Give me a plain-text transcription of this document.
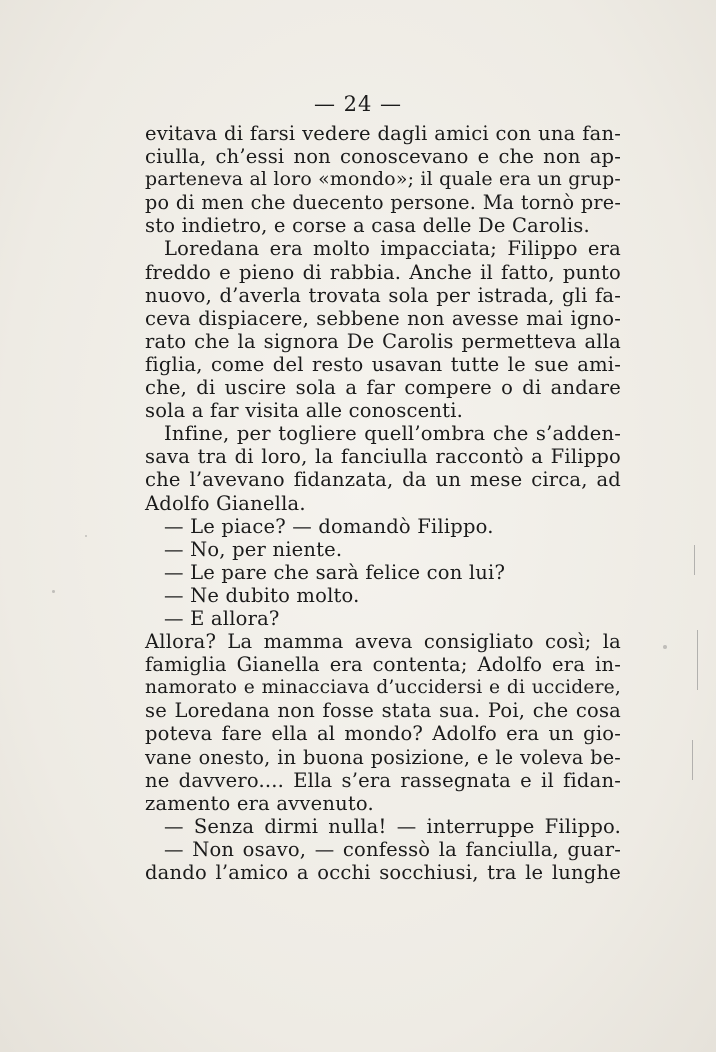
— 24 —
evitava di farsi vedere dagli amici con una fan-
ciulla, ch’essi non conoscevano e che non ap-
parteneva al loro «mondo»; il quale era un grup-
po di men che duecento persone. Ma tornò pre-
sto indietro, e corse a casa delle De Carolis.
Loredana era molto impacciata; Filippo era
freddo e pieno di rabbia. Anche il fatto, punto
nuovo, d’averla trovata sola per istrada, gli fa-
ceva dispiacere, sebbene non avesse mai igno-
rato che la signora De Carolis permetteva alla
figlia, come del resto usavan tutte le sue ami-
che, di uscire sola a far compere o di andare
sola a far visita alle conoscenti.
Infine, per togliere quell’ombra che s’adden-
sava tra di loro, la fanciulla raccontò a Filippo
che l’avevano fidanzata, da un mese circa, ad
Adolfo Gianella.
— Le piace? — domandò Filippo.
— No, per niente.
— Le pare che sarà felice con lui?
— Ne dubito molto.
— E allora?
Allora? La mamma aveva consigliato così; la
famiglia Gianella era contenta; Adolfo era in-
namorato e minacciava d’uccidersi e di uccidere,
se Loredana non fosse stata sua. Poi, che cosa
poteva fare ella al mondo? Adolfo era un gio-
vane onesto, in buona posizione, e le voleva be-
ne davvero.... Ella s’era rassegnata e il fidan-
zamento era avvenuto.
— Senza dirmi nulla! — interruppe Filippo.
— Non osavo, — confessò la fanciulla, guar-
dando l’amico a occhi socchiusi, tra le lunghe
